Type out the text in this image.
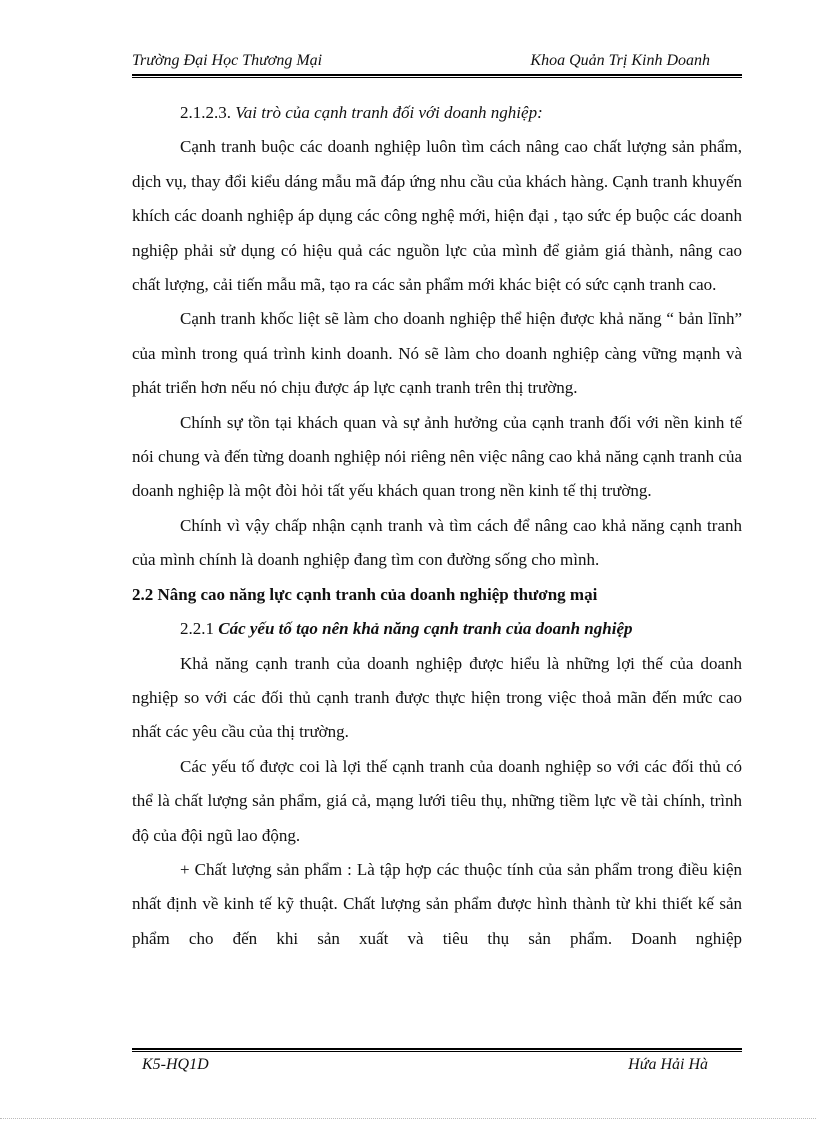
Trường Đại Học Thương Mại	Khoa Quản Trị Kinh Doanh

2.1.2.3. Vai trò của cạnh tranh đối với doanh nghiệp:

Cạnh tranh buộc các doanh nghiệp luôn tìm cách nâng cao chất lượng sản phẩm, dịch vụ, thay đổi kiểu dáng mẫu mã đáp ứng nhu cầu của khách hàng. Cạnh tranh khuyến khích các doanh nghiệp áp dụng các công nghệ mới, hiện đại , tạo sức ép buộc các doanh nghiệp phải sử dụng có hiệu quả các nguồn lực của mình để giảm giá thành, nâng cao chất lượng, cải tiến mẫu mã, tạo ra các sản phẩm mới khác biệt có sức cạnh tranh cao.

Cạnh tranh khốc liệt sẽ làm cho doanh nghiệp thể hiện được khả năng “ bản lĩnh” của mình trong quá trình kinh doanh. Nó sẽ làm cho doanh nghiệp càng vững mạnh và phát triển hơn nếu nó chịu được áp lực cạnh tranh trên thị trường.

Chính sự tồn tại khách quan và sự ảnh hưởng của cạnh tranh đối với nền kinh tế nói chung và đến từng doanh nghiệp nói riêng nên việc nâng cao khả năng cạnh tranh của doanh nghiệp là một đòi hỏi tất yếu khách quan trong nền kinh tế thị trường.

Chính vì vậy chấp nhận cạnh tranh và tìm cách để nâng cao khả năng cạnh tranh của mình chính là doanh nghiệp đang tìm con đường sống cho mình.

2.2 Nâng cao năng lực cạnh tranh của doanh nghiệp thương mại

2.2.1 Các yếu tố tạo nên khả năng cạnh tranh của doanh nghiệp

Khả năng cạnh tranh của doanh nghiệp được hiểu là những lợi thế của doanh nghiệp so với các đối thủ cạnh tranh được thực hiện trong việc thoả mãn đến mức cao nhất các yêu cầu của thị trường.

Các yếu tố được coi là lợi thế cạnh tranh của doanh nghiệp so với các đối thủ có thể là chất lượng sản phẩm, giá cả, mạng lưới tiêu thụ, những tiềm lực về tài chính, trình độ của đội ngũ lao động.

+ Chất lượng sản phẩm : Là tập hợp các thuộc tính của sản phẩm trong điều kiện nhất định về kinh tế kỹ thuật. Chất lượng sản phẩm được hình thành từ khi thiết kế sản phẩm cho đến khi sản xuất và tiêu thụ sản phẩm. Doanh nghiệp

K5-HQ1D	Hứa Hải Hà
